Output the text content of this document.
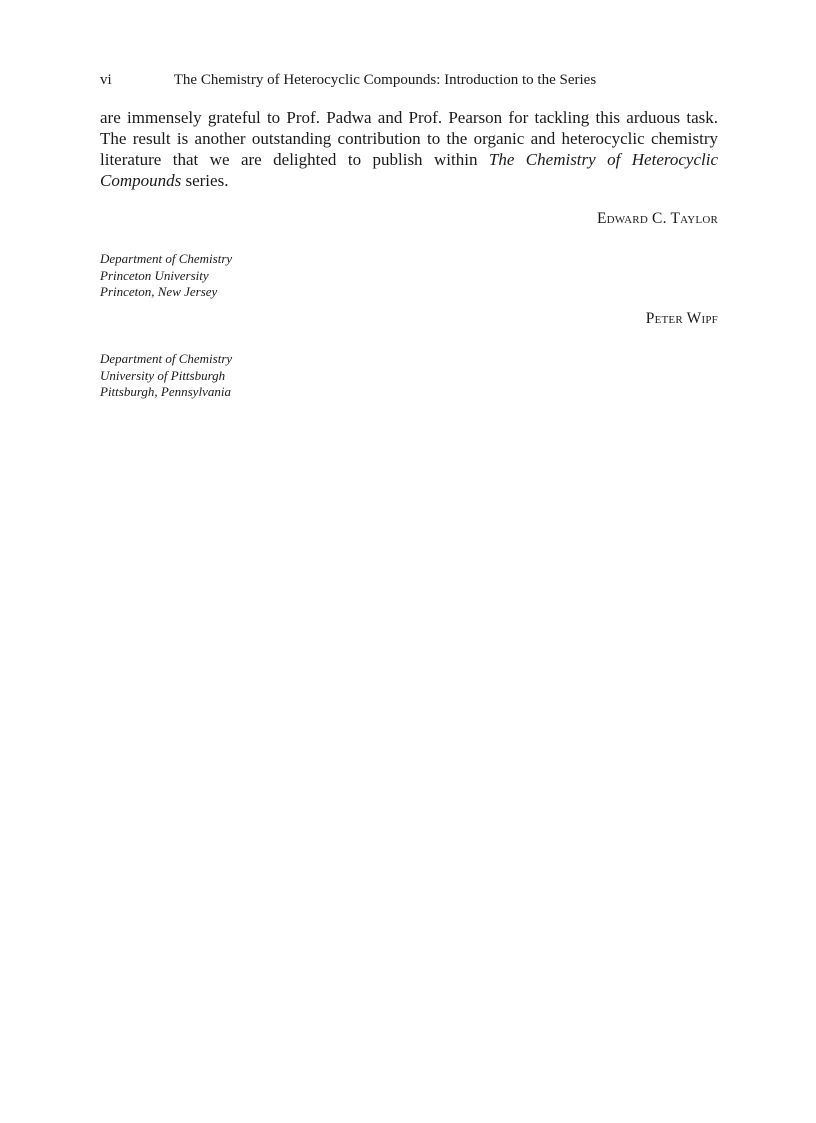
vi	The Chemistry of Heterocyclic Compounds: Introduction to the Series

are immensely grateful to Prof. Padwa and Prof. Pearson for tackling this arduous task. The result is another outstanding contribution to the organic and heterocyclic chemistry literature that we are delighted to publish within The Chemistry of Heterocyclic Compounds series.

Edward C. Taylor
Department of Chemistry
Princeton University
Princeton, New Jersey
Peter Wipf
Department of Chemistry
University of Pittsburgh
Pittsburgh, Pennsylvania
